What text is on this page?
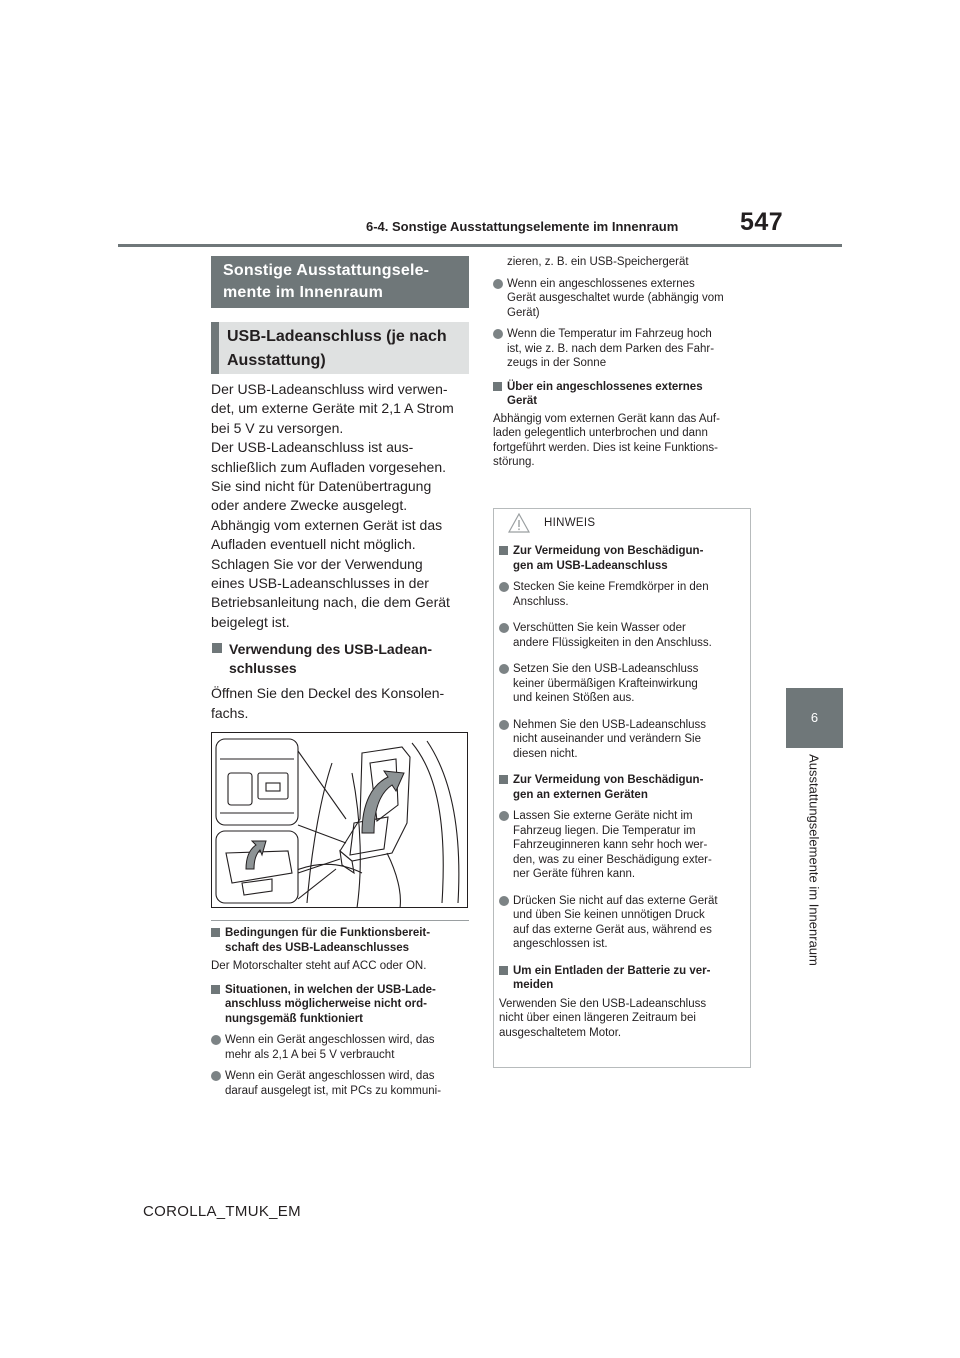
6-4. Sonstige Ausstattungselemente im Innenraum 547
6
Ausstattungselemente im Innenraum
Sonstige Ausstattungsele-
mente im Innenraum
USB-Ladeanschluss (je nach
Ausstattung)
Der USB-Ladeanschluss wird verwen-
det, um externe Geräte mit 2,1 A Strom
bei 5 V zu versorgen.
Der USB-Ladeanschluss ist aus-
schließlich zum Aufladen vorgesehen.
Sie sind nicht für Datenübertragung
oder andere Zwecke ausgelegt.
Abhängig vom externen Gerät ist das
Aufladen eventuell nicht möglich.
Schlagen Sie vor der Verwendung
eines USB-Ladeanschlusses in der
Betriebsanleitung nach, die dem Gerät
beigelegt ist.
Verwendung des USB-Ladean-
schlusses
Öffnen Sie den Deckel des Konsolen-
fachs.
Bedingungen für die Funktionsbereit-
schaft des USB-Ladeanschlusses
Der Motorschalter steht auf ACC oder ON.
Situationen, in welchen der USB-Lade-
anschluss möglicherweise nicht ord-
nungsgemäß funktioniert
Wenn ein Gerät angeschlossen wird, das
mehr als 2,1 A bei 5 V verbraucht
Wenn ein Gerät angeschlossen wird, das
darauf ausgelegt ist, mit PCs zu kommuni-
zieren, z. B. ein USB-Speichergerät
Wenn ein angeschlossenes externes
Gerät ausgeschaltet wurde (abhängig vom
Gerät)
Wenn die Temperatur im Fahrzeug hoch
ist, wie z. B. nach dem Parken des Fahr-
zeugs in der Sonne
Über ein angeschlossenes externes
Gerät
Abhängig vom externen Gerät kann das Auf-
laden gelegentlich unterbrochen und dann
fortgeführt werden. Dies ist keine Funktions-
störung.
HINWEIS
Zur Vermeidung von Beschädigun-
gen am USB-Ladeanschluss
Stecken Sie keine Fremdkörper in den
Anschluss.
Verschütten Sie kein Wasser oder
andere Flüssigkeiten in den Anschluss.
Setzen Sie den USB-Ladeanschluss
keiner übermäßigen Krafteinwirkung
und keinen Stößen aus.
Nehmen Sie den USB-Ladeanschluss
nicht auseinander und verändern Sie
diesen nicht.
Zur Vermeidung von Beschädigun-
gen an externen Geräten
Lassen Sie externe Geräte nicht im
Fahrzeug liegen. Die Temperatur im
Fahrzeuginneren kann sehr hoch wer-
den, was zu einer Beschädigung exter-
ner Geräte führen kann.
Drücken Sie nicht auf das externe Gerät
und üben Sie keinen unnötigen Druck
auf das externe Gerät aus, während es
angeschlossen ist.
Um ein Entladen der Batterie zu ver-
meiden
Verwenden Sie den USB-Ladeanschluss
nicht über einen längeren Zeitraum bei
ausgeschaltetem Motor.
COROLLA_TMUK_EM
